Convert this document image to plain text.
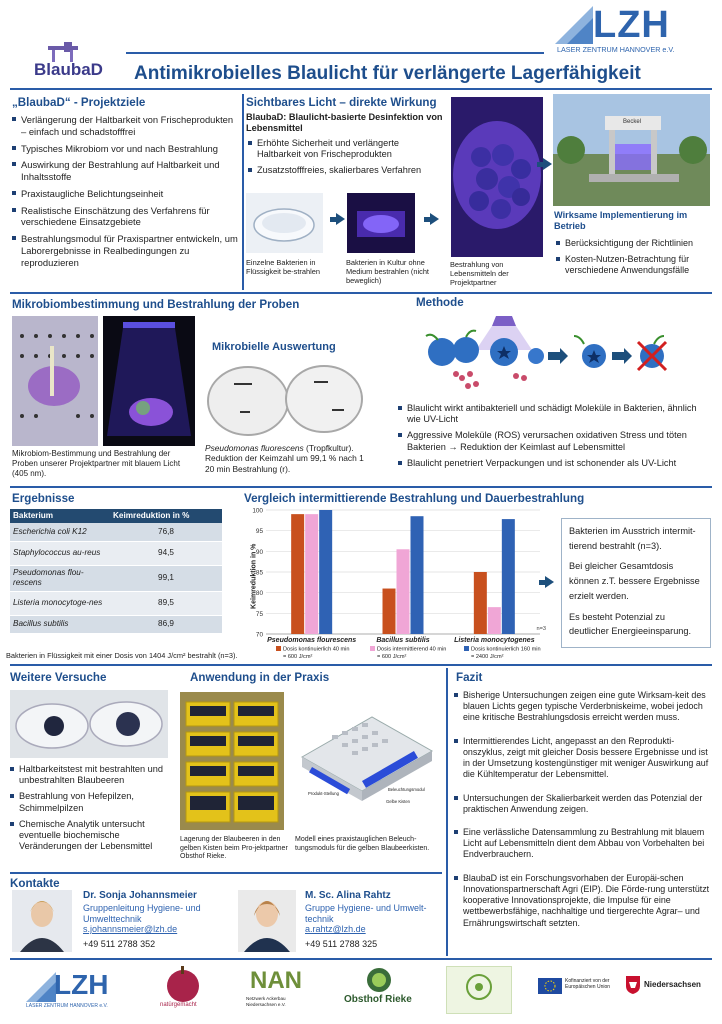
BlaubaD
LZH
LASER ZENTRUM HANNOVER e.V.
Antimikrobielles Blaulicht für verlängerte Lagerfähigkeit
„BlaubaD“ - Projektziele
Verlängerung der Haltbarkeit von Frischeprodukten – einfach und schadstofffrei
Typisches Mikrobiom vor und nach Bestrahlung
Auswirkung der Bestrahlung auf Haltbarkeit und Inhaltsstoffe
Praxistaugliche Belichtungseinheit
Realistische Einschätzung des Verfahrens für verschiedene Einsatzgebiete
Bestrahlungsmodul für Praxispartner entwickeln, um Laborergebnisse in Realbedingungen zu reproduzieren
Sichtbares Licht – direkte Wirkung
BlaubaD: Blaulicht-basierte Desinfektion von Lebensmittel
Erhöhte Sicherheit und verlängerte Haltbarkeit von Frischeprodukten
Zusatzstofffreies, skalierbares Verfahren
Einzelne Bakterien in Flüssigkeit be-strahlen
Bakterien in Kultur ohne Medium bestrahlen (nicht beweglich)
Bestrahlung von Lebensmitteln der Projektpartner
Beckel
Wirksame Implementierung im Betrieb
Berücksichtigung der Richtlinien
Kosten-Nutzen-Betrachtung für verschiedene Anwendungsfälle
Mikrobiombestimmung und Bestrahlung der Proben
Mikrobiom-Bestimmung und Bestrahlung der Proben unserer Projektpartner mit blauem Licht (405 nm).
Mikrobielle Auswertung
Pseudomonas fluorescens (Tropfkultur). Reduktion der Keimzahl um 99,1 % nach 1 20 min Bestrahlung (r).
Methode
Blaulicht wirkt antibakteriell und schädigt Moleküle in Bakterien, ähnlich wie UV-Licht
Aggressive Moleküle (ROS) verursachen oxidativen Stress und töten Bakterien → Reduktion der Keimlast auf Lebensmittel
Blaulicht penetriert Verpackungen und ist schonender als UV-Licht
Ergebnisse
Bakterium	Keimreduktion in %
Escherichia coli K12	76,8
Staphylococcus au-reus	94,5
Pseudomonas flou-rescens	99,1
Listeria monocytoge-nes	89,5
Bacillus subtilis	86,9
Bakterien in Flüssigkeit mit einer Dosis von 1404 J/cm² bestrahlt (n=3).
Vergleich intermittierende Bestrahlung und Dauerbestrahlung
Keimreduktion in %
100
95
90
85
80
75
70
Pseudomonas flourescens	Bacillus subtilis	Listeria monocytogenes
Dosis kontinuierlich 40 min
= 600 J/cm²
Dosis intermittierend 40 min
= 600 J/cm²
Dosis kontinuierlich 160 min
= 2400 J/cm²
n=3
Bakterien im Ausstrich intermit-tierend bestrahlt (n=3).
Bei gleicher Gesamtdosis können z.T. bessere Ergebnisse erzielt werden.
Es besteht Potenzial zu deutlicher Energieeinsparung.
Weitere Versuche
Haltbarkeitstest mit bestrahlten und unbestrahlten Blaubeeren
Bestrahlung von Hefepilzen, Schimmelpilzen
Chemische Analytik untersucht eventuelle biochemische Veränderungen der Lebensmittel
Anwendung in der Praxis
Lagerung der Blaubeeren in den gelben Kisten beim Pro-jektpartner Obsthof Rieke.
Produkt-Stellung
Beleuchtungsmodul
Gelbe Kisten
Modell eines praxistauglichen Beleuch-tungsmoduls für die gelben Blaubeerkisten.
Fazit
Bisherige Untersuchungen zeigen eine gute Wirksam-keit des blauen Lichts gegen typische Verderbniskeime, wobei jedoch eine kritische Bestrahlungsdosis erreicht werden muss.
Intermittierendes Licht, angepasst an den Reprodukti-onszyklus, zeigt mit gleicher Dosis bessere Ergebnisse und ist in der Umsetzung kostengünstiger mit weniger Auswirkung auf die Kühltemperatur der Lebensmittel.
Untersuchungen der Skalierbarkeit werden das Potenzial der praktischen Anwendung zeigen.
Eine verlässliche Datensammlung zu Bestrahlung mit blauem Licht auf Lebensmitteln dient dem Abbau von Vorbehalten bei Endverbrauchern.
BlaubaD ist ein Forschungsvorhaben der Europäi-schen Innovationspartnerschaft Agri (EIP). Die Förde-rung unterstützt kooperative Innovationsprojekte, die Impulse für eine wettbewerbsfähige, nachhaltige und tiergerechte Agrar– und Ernährungswirtschaft setzten.
Kontakte
Dr. Sonja Johannsmeier
Gruppenleitung Hygiene- und Umwelttechnik
s.johannsmeier@lzh.de
+49 511 2788 352
M. Sc. Alina Rahtz
Gruppe Hygiene- und Umwelt-technik
a.rahtz@lzh.de
+49 511 2788 325
LZH
LASER ZENTRUM HANNOVER e.V.	natürgemacht
NAN
Netzwerk Ackerbau Niedersachsen e.V.	Obsthof Rieke
Kofinanziert von der Europäischen Union	Niedersachsen
